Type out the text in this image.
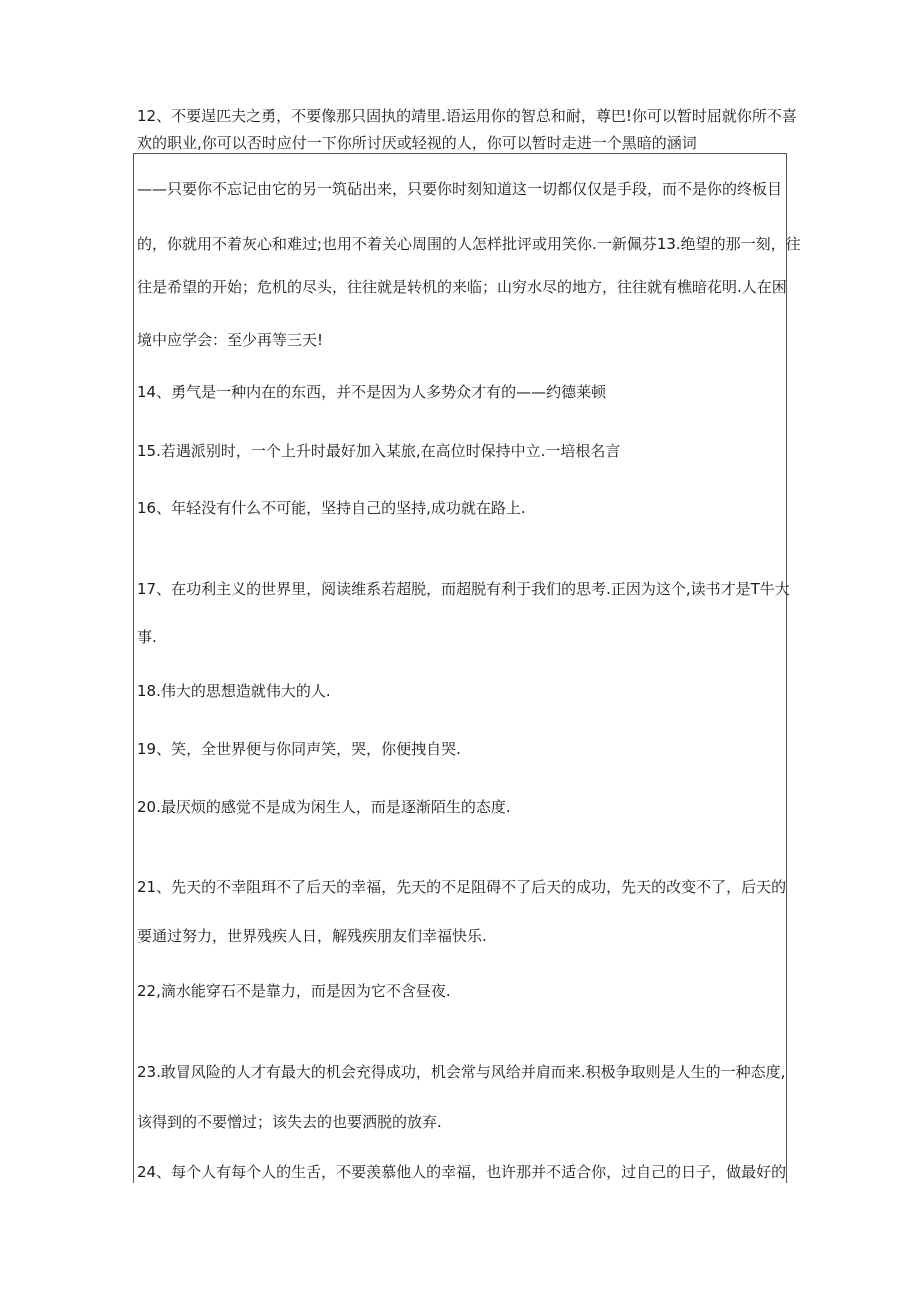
12、不要逞匹夫之勇，不要像那只固执的靖里.语运用你的智总和耐，尊巴!你可以暂时屈就你所不喜
欢的职业,你可以否时应付一下你所讨厌或轻视的人，你可以暂时走进一个黑暗的涵词
——只要你不忘记由它的另一筑砧出来，只要你时刻知道这一切都仅仅是手段，而不是你的终板目
的，你就用不着灰心和难过;也用不着关心周围的人怎样批评或用笑你.一新佩芬13.绝望的那一刻，往
往是希望的开始；危机的尽头，往往就是转机的来临；山穷水尽的地方，往往就有樵暗花明.人在困
境中应学会：至少再等三天!
14、勇气是一种内在的东西，并不是因为人多势众才有的——约德莱顿
15.若遇派别时，一个上升时最好加入某旅,在高位时保持中立.一培根名言
16、年轻没有什么不可能，坚持自己的坚持,成功就在路上.
17、在功利主义的世界里，阅读维系若超脱，而超脱有利于我们的思考.正因为这个,读书才是T牛大
事.
18.伟大的思想造就伟大的人.
19、笑，全世界便与你同声笑，哭，你便拽自哭.
20.最厌烦的感觉不是成为闲生人，而是逐渐陌生的态度.
21、先天的不幸阻珥不了后天的幸福，先天的不足阻碍不了后天的成功，先天的改变不了，后天的
要通过努力，世界残疾人日，解残疾朋友们幸福快乐.
22,滴水能穿石不是靠力，而是因为它不含昼夜.
23.敢冒风险的人才有最大的机会充得成功，机会常与风给并肩而来.积极争取则是人生的一种态度,
该得到的不要憎过；该失去的也要洒脱的放弃.
24、每个人有每个人的生舌，不要羡慕他人的幸福，也许那并不适合你，过自己的日子，做最好的
